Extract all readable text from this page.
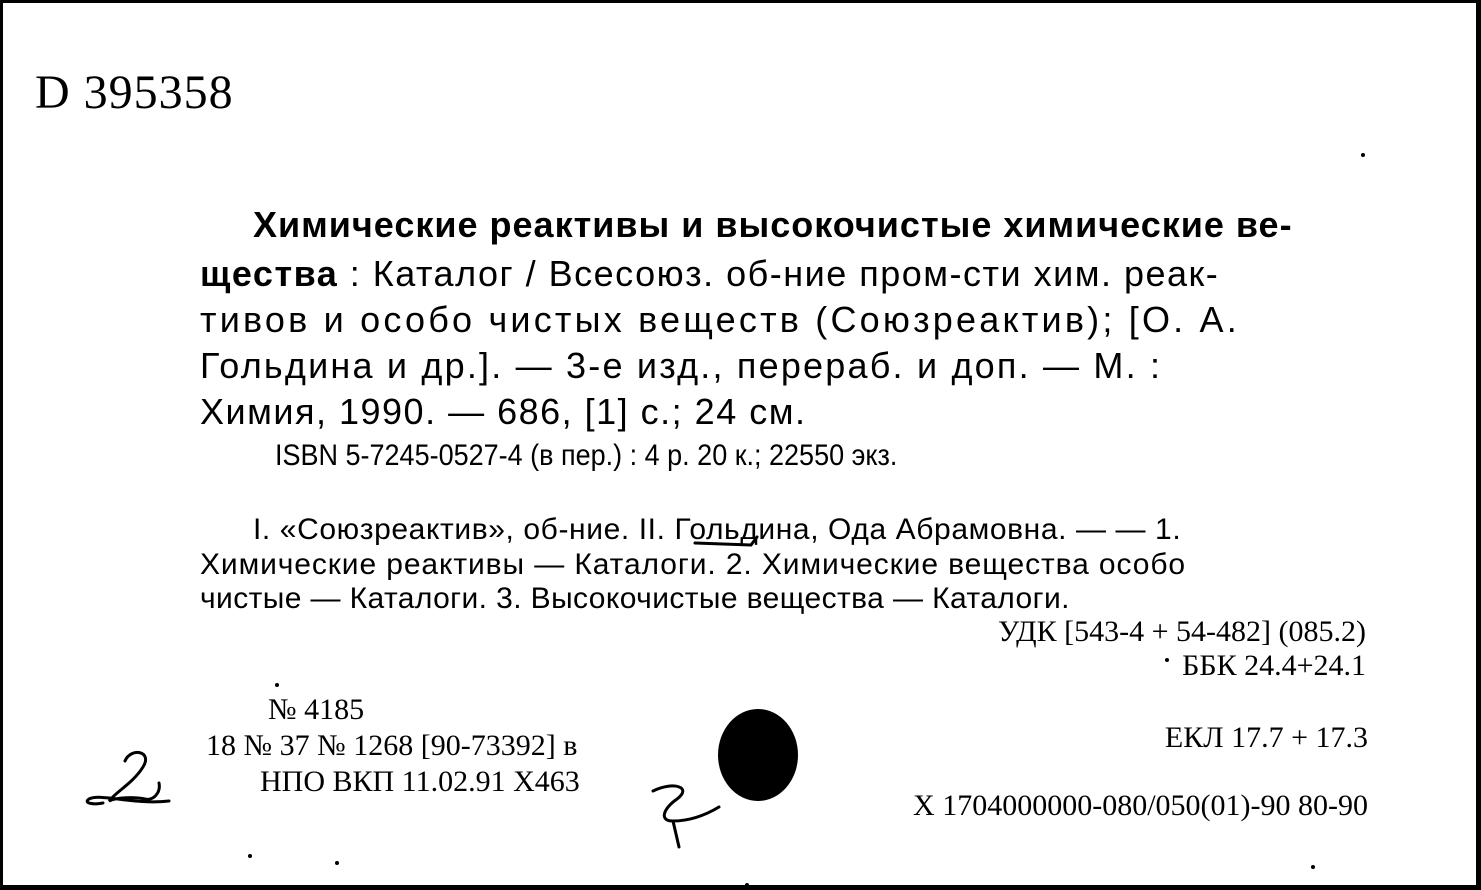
D 395358
Химические реактивы и высокочистые химические ве-
щества : Каталог / Всесоюз. об-ние пром-сти хим. реак-
тивов и особо чистых веществ (Союзреактив); [О. А.
Гольдина и др.]. — 3-е изд., перераб. и доп. — М. :
Химия, 1990. — 686, [1] с.; 24 см.
ISBN 5-7245-0527-4 (в пер.) : 4 р. 20 к.; 22550 экз.
I. «Союзреактив», об-ние. II. Гольдина, Ода Абрамовна. — — 1.
Химические реактивы — Каталоги. 2. Химические вещества особо
чистые — Каталоги. 3. Высокочистые вещества — Каталоги.
УДК [543-4 + 54-482] (085.2)
ББК 24.4+24.1
№ 4185
18 № 37 № 1268 [90-73392] в
НПО ВКП 11.02.91 Х463
ЕКЛ 17.7 + 17.3
X 1704000000-080/050(01)-90 80-90
